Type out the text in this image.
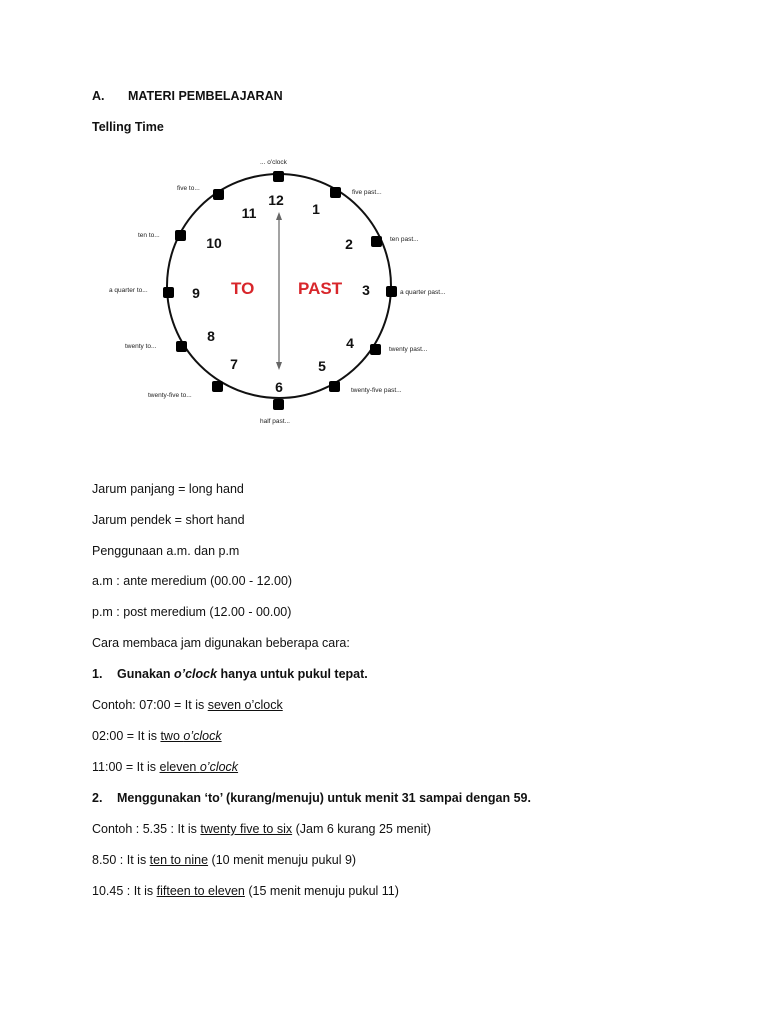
A. MATERI PEMBELAJARAN
Telling Time
12
1
2
3
4
5
6
7
8
9
10
11
TO	PAST
... o'clock
five past...
ten past...
a quarter past...
twenty past...
twenty-five past...
half past...
twenty-five to...
twenty to...
a quarter to...
ten to...
five to...
Jarum panjang = long hand
Jarum pendek = short hand
Penggunaan a.m. dan p.m
a.m : ante meredium (00.00 - 12.00)
p.m : post meredium (12.00 - 00.00)
Cara membaca jam digunakan beberapa cara:
1. Gunakan o’clock hanya untuk pukul tepat.
Contoh: 07:00 = It is seven o’clock
02:00 = It is two o’clock
11:00 = It is eleven o’clock
2. Menggunakan ‘to’ (kurang/menuju) untuk menit 31 sampai dengan 59.
Contoh : 5.35 : It is twenty five to six (Jam 6 kurang 25 menit)
8.50 : It is ten to nine (10 menit menuju pukul 9)
10.45 : It is fifteen to eleven (15 menit menuju pukul 11)
